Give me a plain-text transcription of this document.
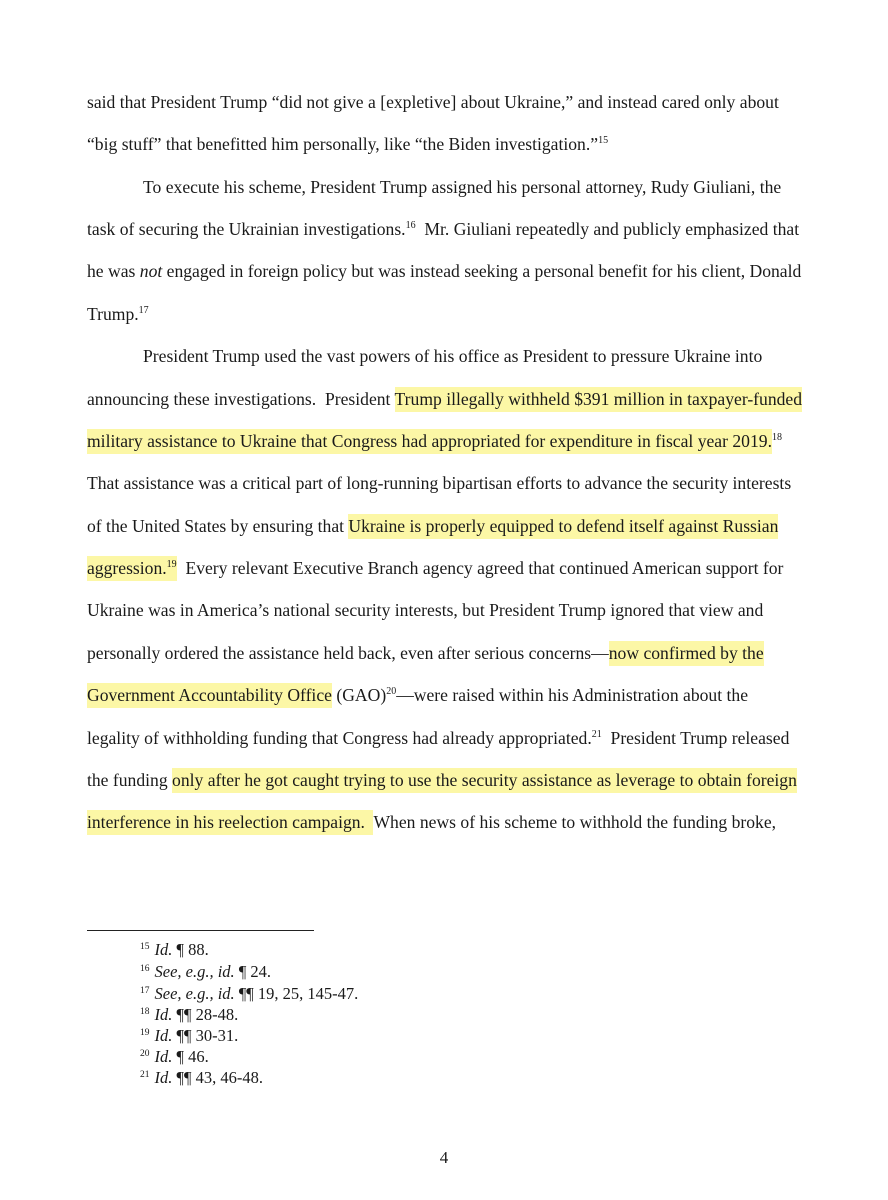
said that President Trump “did not give a [expletive] about Ukraine,” and instead cared only about
“big stuff” that benefitted him personally, like “the Biden investigation.”$^{15}$
To execute his scheme, President Trump assigned his personal attorney, Rudy Giuliani, the
task of securing the Ukrainian investigations.$^{16}$  Mr. Giuliani repeatedly and publicly emphasized that
he was not engaged in foreign policy but was instead seeking a personal benefit for his client, Donald
Trump.$^{17}$
President Trump used the vast powers of his office as President to pressure Ukraine into
announcing these investigations.  President Trump illegally withheld $391 million in taxpayer-funded
military assistance to Ukraine that Congress had appropriated for expenditure in fiscal year 2019.18
That assistance was a critical part of long-running bipartisan efforts to advance the security interests
of the United States by ensuring that Ukraine is properly equipped to defend itself against Russian
aggression.$^{19}$  Every relevant Executive Branch agency agreed that continued American support for
Ukraine was in America’s national security interests, but President Trump ignored that view and
personally ordered the assistance held back, even after serious concerns—now confirmed by the
Government Accountability Office (GAO)$^{20}$—were raised within his Administration about the
legality of withholding funding that Congress had already appropriated.$^{21}$  President Trump released
the funding only after he got caught trying to use the security assistance as leverage to obtain foreign
interference in his reelection campaign.  When news of his scheme to withhold the funding broke,
$^{15}$ Id. ¶ 88.
$^{16}$ See, e.g., id. ¶ 24.
$^{17}$ See, e.g., id. ¶¶ 19, 25, 145-47.
$^{18}$ Id. ¶¶ 28-48.
$^{19}$ Id. ¶¶ 30-31.
$^{20}$ Id. ¶ 46.
$^{21}$ Id. ¶¶ 43, 46-48.
4
